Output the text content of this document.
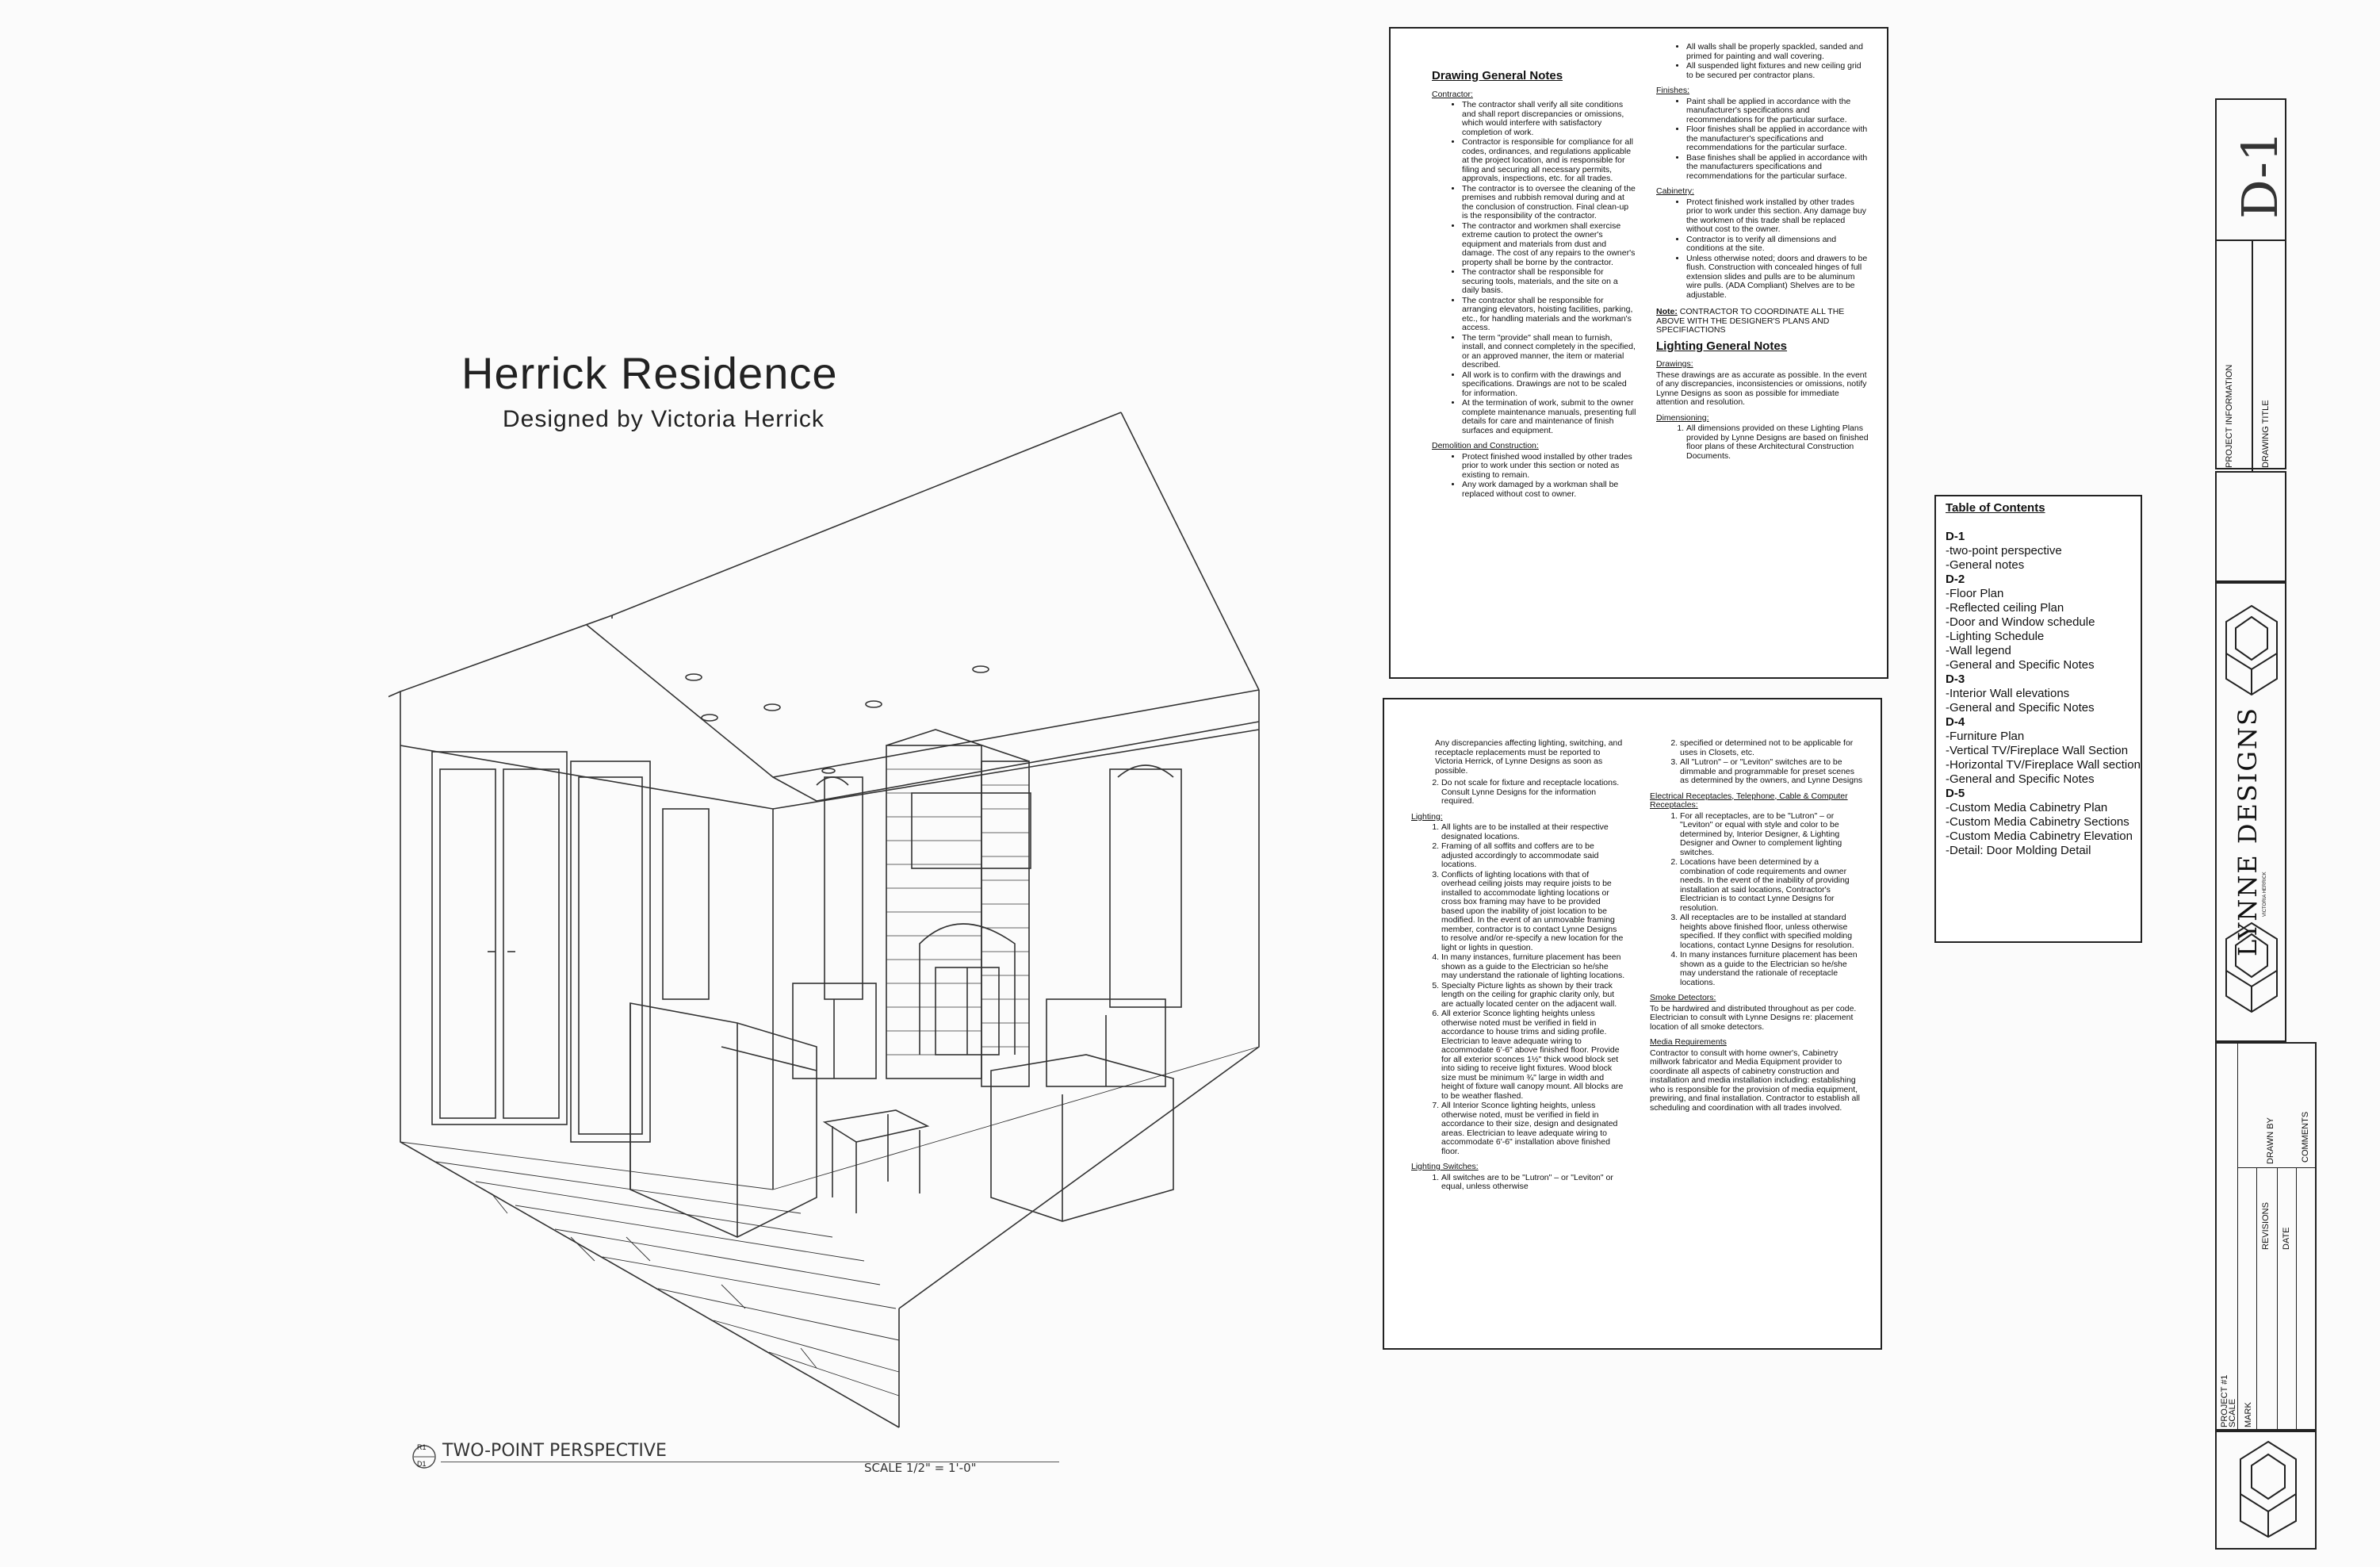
Herrick Residence
Designed by Victoria Herrick
R1
D1
TWO-POINT PERSPECTIVE
SCALE 1/2" = 1'-0"
Drawing General Notes
Contractor:
• The contractor shall verify all site conditions and shall report discrepancies or omissions, which would interfere with satisfactory completion of work.
• Contractor is responsible for compliance for all codes, ordinances, and regulations applicable at the project location, and is responsible for filing and securing all necessary permits, approvals, inspections, etc. for all trades.
• The contractor is to oversee the cleaning of the premises and rubbish removal during and at the conclusion of construction. Final clean-up is the responsibility of the contractor.
• The contractor and workmen shall exercise extreme caution to protect the owner's equipment and materials from dust and damage. The cost of any repairs to the owner's property shall be borne by the contractor.
• The contractor shall be responsible for securing tools, materials, and the site on a daily basis.
• The contractor shall be responsible for arranging elevators, hoisting facilities, parking, etc., for handling materials and the workman's access.
• The term "provide" shall mean to furnish, install, and connect completely in the specified, or an approved manner, the item or material described.
• All work is to confirm with the drawings and specifications. Drawings are not to be scaled for information.
• At the termination of work, submit to the owner complete maintenance manuals, presenting full details for care and maintenance of finish surfaces and equipment.
Demolition and Construction:
• Protect finished wood installed by other trades prior to work under this section or noted as existing to remain.
• Any work damaged by a workman shall be replaced without cost to owner.
• All walls shall be properly spackled, sanded and primed for painting and wall covering.
• All suspended light fixtures and new ceiling grid to be secured per contractor plans.
Finishes:
• Paint shall be applied in accordance with the manufacturer's specifications and recommendations for the particular surface.
• Floor finishes shall be applied in accordance with the manufacturer's specifications and recommendations for the particular surface.
• Base finishes shall be applied in accordance with the manufacturers specifications and recommendations for the particular surface.
Cabinetry:
• Protect finished work installed by other trades prior to work under this section. Any damage buy the workmen of this trade shall be replaced without cost to the owner.
• Contractor is to verify all dimensions and conditions at the site.
• Unless otherwise noted; doors and drawers to be flush. Construction with concealed hinges of full extension slides and pulls are to be aluminum wire pulls. (ADA Compliant) Shelves are to be adjustable.

Note: CONTRACTOR TO COORDINATE ALL THE ABOVE WITH THE DESIGNER'S PLANS AND SPECIFIACTIONS

Lighting General Notes
Drawings:

These drawings are as accurate as possible. In the event of any discrepancies, inconsistencies or omissions, notify Lynne Designs as soon as possible for immediate attention and resolution.

Dimensioning:
1. All dimensions provided on these Lighting Plans provided by Lynne Designs are based on finished floor plans of these Architectural Construction Documents.

Any discrepancies affecting lighting, switching, and receptacle replacements must be reported to Victoria Herrick, of Lynne Designs as soon as possible.

2. Do not scale for fixture and receptacle locations. Consult Lynne Designs for the information required.
Lighting:
1. All lights are to be installed at their respective designated locations.
2. Framing of all soffits and coffers are to be adjusted accordingly to accommodate said locations.
3. Conflicts of lighting locations with that of overhead ceiling joists may require joists to be installed to accommodate lighting locations or cross box framing may have to be provided based upon the inability of joist location to be modified. In the event of an unmovable framing member, contractor is to contact Lynne Designs to resolve and/or re-specify a new location for the light or lights in question.
4. In many instances, furniture placement has been shown as a guide to the Electrician so he/she may understand the rationale of lighting locations.
5. Specialty Picture lights as shown by their track length on the ceiling for graphic clarity only, but are actually located center on the adjacent wall.
6. All exterior Sconce lighting heights unless otherwise noted must be verified in field in accordance to house trims and siding profile. Electrician to leave adequate wiring to accommodate 6'-6" above finished floor. Provide for all exterior sconces 1½" thick wood block set into siding to receive light fixtures. Wood block size must be minimum ¾" large in width and height of fixture wall canopy mount. All blocks are to be weather flashed.
7. All Interior Sconce lighting heights, unless otherwise noted, must be verified in field in accordance to their size, design and designated areas. Electrician to leave adequate wiring to accommodate 6'-6" installation above finished floor.
Lighting Switches:
1. All switches are to be "Lutron" – or "Leviton" or equal, unless otherwise
2. specified or determined not to be applicable for uses in Closets, etc.
3. All "Lutron" – or "Leviton" switches are to be dimmable and programmable for preset scenes as determined by the owners, and Lynne Designs
Electrical Receptacles, Telephone, Cable & Computer Receptacles:
1. For all receptacles, are to be "Lutron" – or "Leviton" or equal with style and color to be determined by, Interior Designer, & Lighting Designer and Owner to complement lighting switches.
2. Locations have been determined by a combination of code requirements and owner needs. In the event of the inability of providing installation at said locations, Contractor's Electrician is to contact Lynne Designs for resolution.
3. All receptacles are to be installed at standard heights above finished floor, unless otherwise specified. If they conflict with specified molding locations, contact Lynne Designs for resolution.
4. In many instances furniture placement has been shown as a guide to the Electrician so he/she may understand the rationale of receptacle locations.
Smoke Detectors:

To be hardwired and distributed throughout as per code. Electrician to consult with Lynne Designs re: placement location of all smoke detectors.

Media Requirements

Contractor to consult with home owner's, Cabinetry millwork fabricator and Media Equipment provider to coordinate all aspects of cabinetry construction and installation and media installation including: establishing who is responsible for the provision of media equipment, prewiring, and final installation. Contractor to establish all scheduling and coordination with all trades involved.

Table of Contents
D-1
-two-point perspective
-General notes
D-2
-Floor Plan
-Reflected ceiling Plan
-Door and Window schedule
-Lighting Schedule
-Wall legend
-General and Specific Notes
D-3
-Interior Wall elevations
-General and Specific Notes
D-4
-Furniture Plan
-Vertical TV/Fireplace Wall Section
-Horizontal TV/Fireplace Wall section
-General and Specific Notes
D-5
-Custom Media Cabinetry Plan
-Custom Media Cabinetry Sections
-Custom Media Cabinetry Elevation
-Detail: Door Molding Detail
D-1
PROJECT INFORMATION	DRAWING TITLE
LYNNE DESIGNS VICTORIA HERRICK
PROJECT #1
SCALE
DRAWN BY
MARK
REVISIONS DATE
COMMENTS
